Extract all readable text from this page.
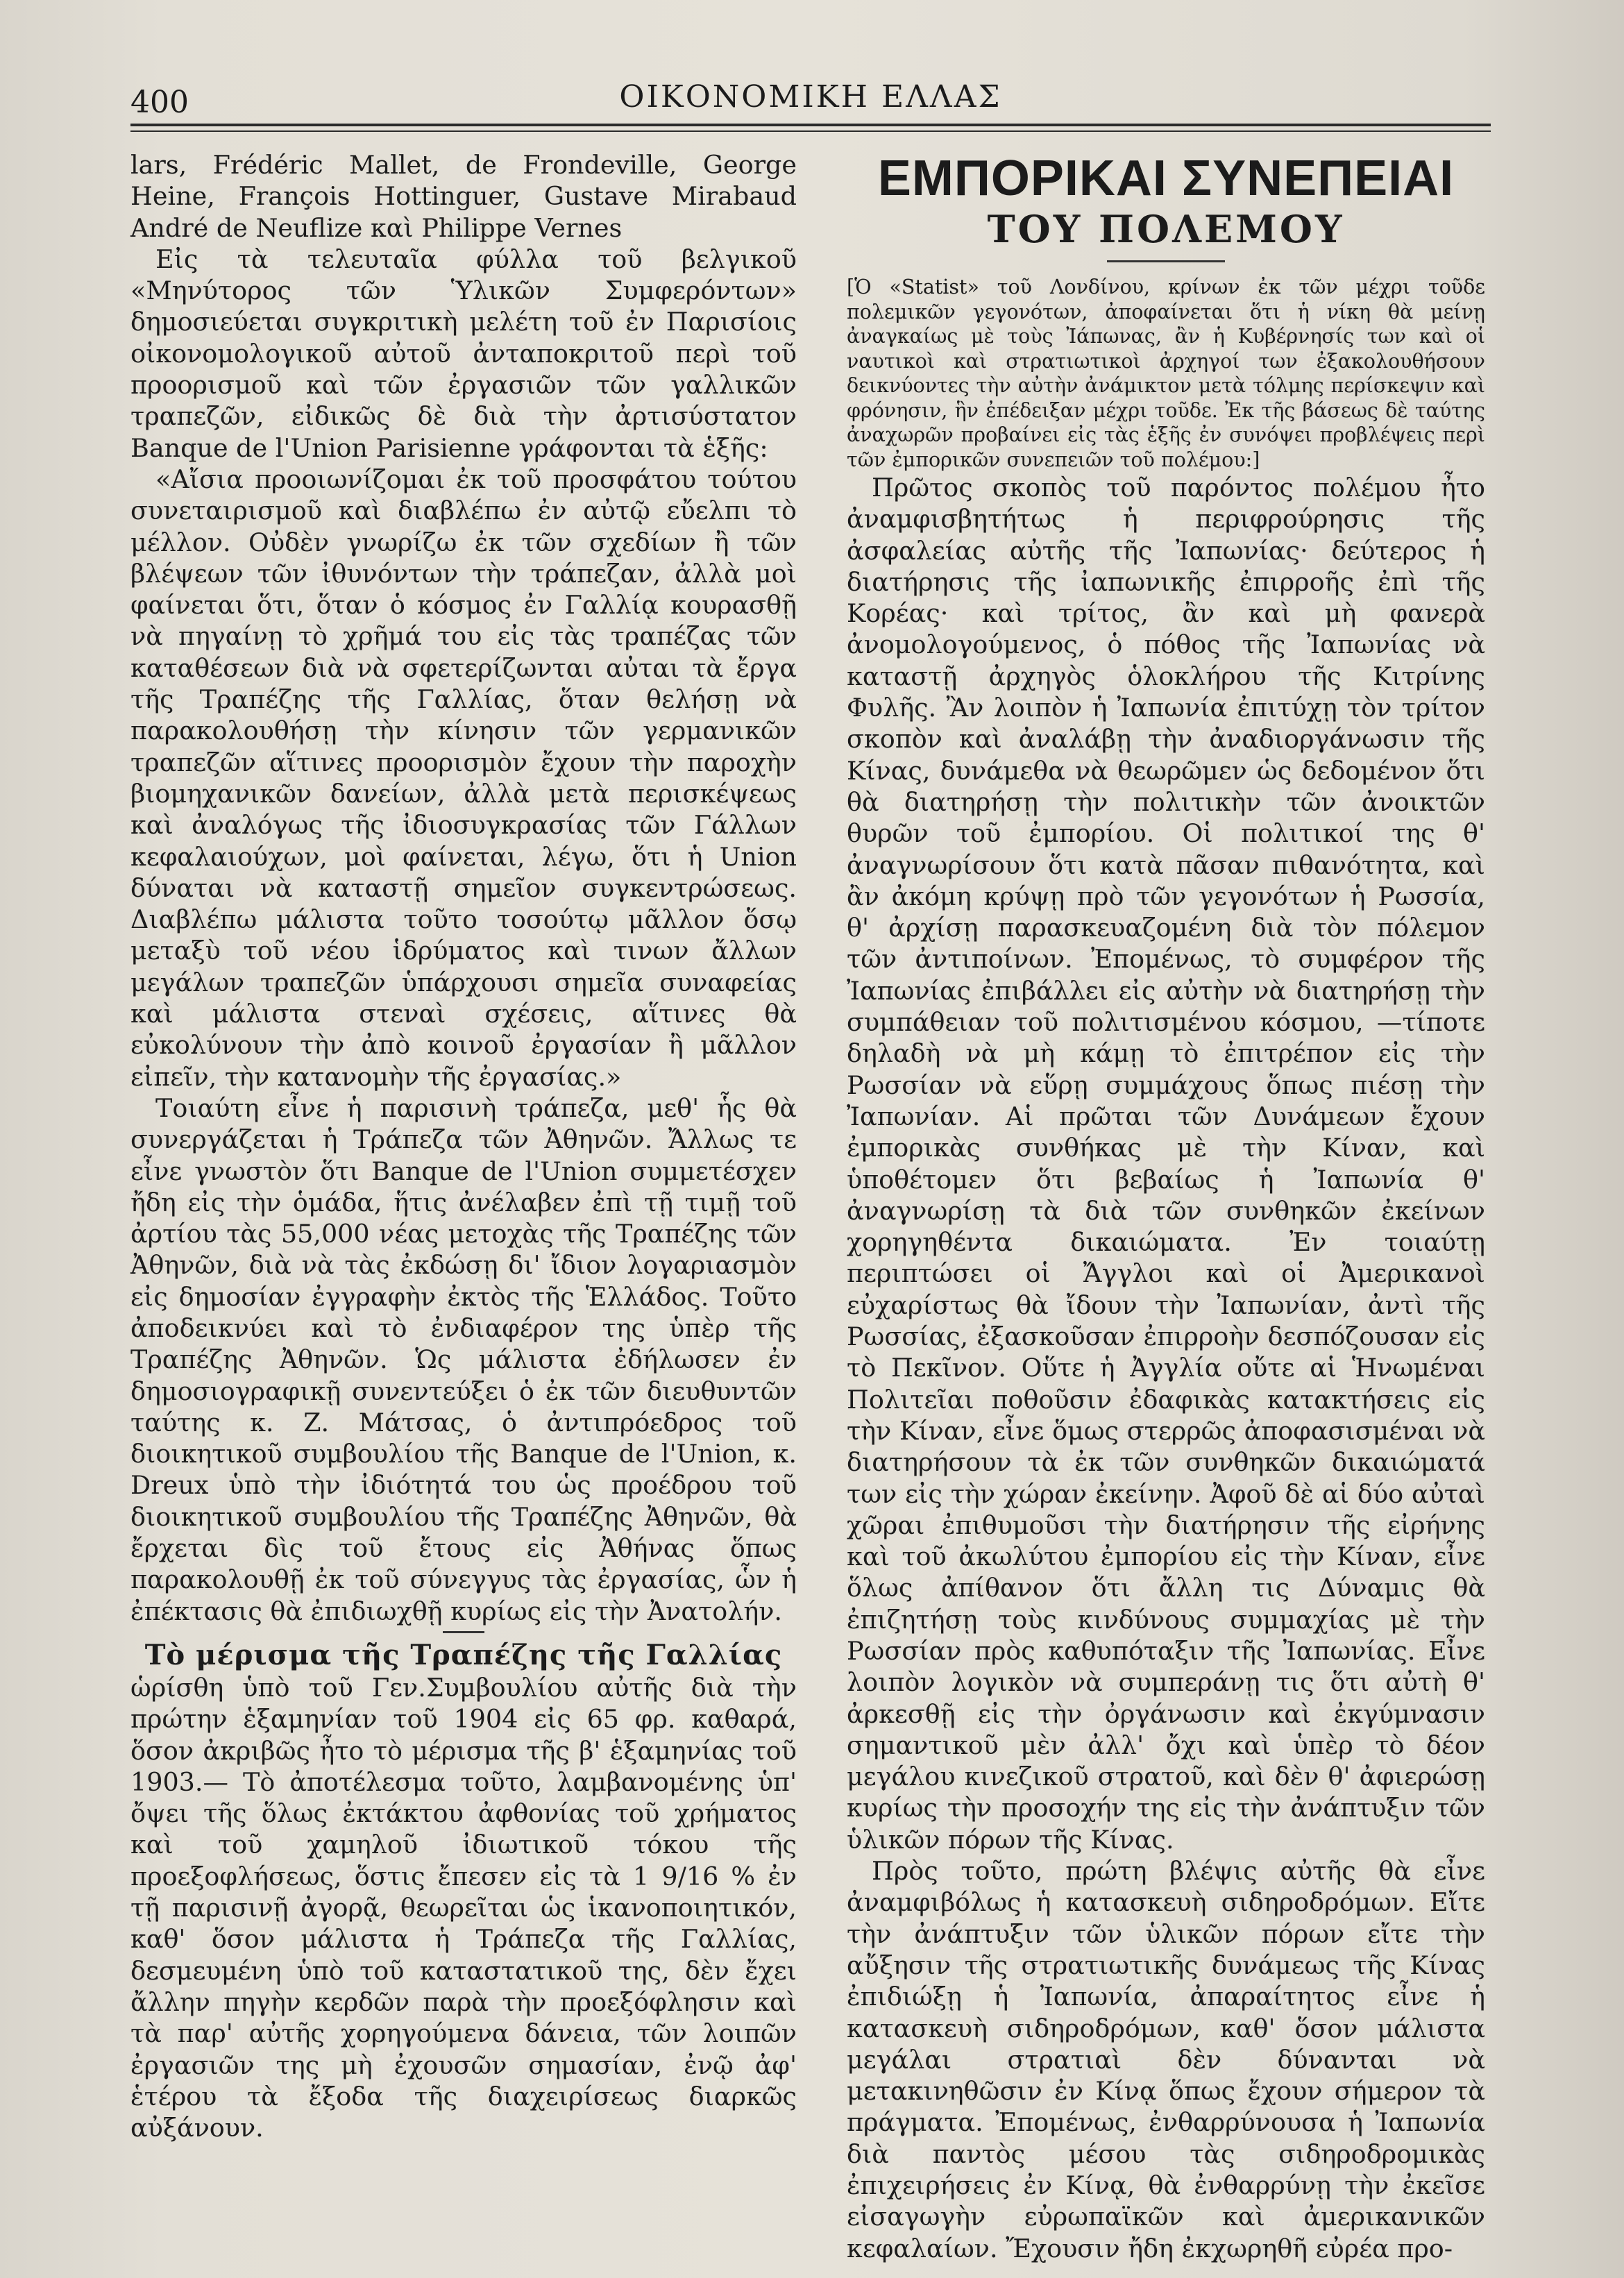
400	ΟΙΚΟΝΟΜΙΚΗ ΕΛΛΑΣ

lars, Frédéric Mallet, de Frondeville, George Heine, François Hottinguer, Gustave Mirabaud André de Neuflize καὶ Philippe Vernes

Εἰς τὰ τελευταῖα φύλλα τοῦ βελγικοῦ «Μηνύτορος τῶν Ὑλικῶν Συμφερόντων» δημοσιεύεται συγκριτικὴ μελέτη τοῦ ἐν Παρισίοις οἰκονομολογικοῦ αὐτοῦ ἀνταποκριτοῦ περὶ τοῦ προορισμοῦ καὶ τῶν ἐργασιῶν τῶν γαλλικῶν τραπεζῶν, εἰδικῶς δὲ διὰ τὴν ἀρτισύστατον Banque de l'Union Parisienne γράφονται τὰ ἑξῆς:

«Αἴσια προοιωνίζομαι ἐκ τοῦ προσφάτου τούτου συνεταιρισμοῦ καὶ διαβλέπω ἐν αὐτῷ εὔελπι τὸ μέλλον. Οὐδὲν γνωρίζω ἐκ τῶν σχεδίων ἢ τῶν βλέψεων τῶν ἰθυνόντων τὴν τράπεζαν, ἀλλὰ μοὶ φαίνεται ὅτι, ὅταν ὁ κόσμος ἐν Γαλλίᾳ κουρασθῇ νὰ πηγαίνῃ τὸ χρῆμά του εἰς τὰς τραπέζας τῶν καταθέσεων διὰ νὰ σφετερίζωνται αὐται τὰ ἔργα τῆς Τραπέζης τῆς Γαλλίας, ὅταν θελήσῃ νὰ παρακολουθήσῃ τὴν κίνησιν τῶν γερμανικῶν τραπεζῶν αἵτινες προορισμὸν ἔχουν τὴν παροχὴν βιομηχανικῶν δανείων, ἀλλὰ μετὰ περισκέψεως καὶ ἀναλόγως τῆς ἰδιοσυγκρασίας τῶν Γάλλων κεφαλαιούχων, μοὶ φαίνεται, λέγω, ὅτι ἡ Union δύναται νὰ καταστῇ σημεῖον συγκεντρώσεως. Διαβλέπω μάλιστα τοῦτο τοσούτῳ μᾶλλον ὅσῳ μεταξὺ τοῦ νέου ἱδρύματος καὶ τινων ἄλλων μεγάλων τραπεζῶν ὑπάρχουσι σημεῖα συναφείας καὶ μάλιστα στεναὶ σχέσεις, αἵτινες θὰ εὐκολύνουν τὴν ἀπὸ κοινοῦ ἐργασίαν ἢ μᾶλλον εἰπεῖν, τὴν κατανομὴν τῆς ἐργασίας.»

Τοιαύτη εἶνε ἡ παρισινὴ τράπεζα, μεθ' ἧς θὰ συνεργάζεται ἡ Τράπεζα τῶν Ἀθηνῶν. Ἄλλως τε εἶνε γνωστὸν ὅτι Banque de l'Union συμμετέσχεν ἤδη εἰς τὴν ὁμάδα, ἥτις ἀνέλαβεν ἐπὶ τῇ τιμῇ τοῦ ἀρτίου τὰς 55,000 νέας μετοχὰς τῆς Τραπέζης τῶν Ἀθηνῶν, διὰ νὰ τὰς ἐκδώσῃ δι' ἴδιον λογαριασμὸν εἰς δημοσίαν ἐγγραφὴν ἐκτὸς τῆς Ἑλλάδος. Τοῦτο ἀποδεικνύει καὶ τὸ ἐνδιαφέρον της ὑπὲρ τῆς Τραπέζης Ἀθηνῶν. Ὡς μάλιστα ἐδήλωσεν ἐν δημοσιογραφικῇ συνεντεύξει ὁ ἐκ τῶν διευθυντῶν ταύτης κ. Ζ. Μάτσας, ὁ ἀντιπρόεδρος τοῦ διοικητικοῦ συμβουλίου τῆς Banque de l'Union, κ. Dreux ὑπὸ τὴν ἰδιότητά του ὡς προέδρου τοῦ διοικητικοῦ συμβουλίου τῆς Τραπέζης Ἀθηνῶν, θὰ ἔρχεται δὶς τοῦ ἔτους εἰς Ἀθήνας ὅπως παρακολουθῇ ἐκ τοῦ σύνεγγυς τὰς ἐργασίας, ὧν ἡ ἐπέκτασις θὰ ἐπιδιωχθῇ κυρίως εἰς τὴν Ἀνατολήν.

Τὸ μέρισμα τῆς Τραπέζης τῆς Γαλλίας

ὡρίσθη ὑπὸ τοῦ Γεν.Συμβουλίου αὐτῆς διὰ τὴν πρώτην ἑξαμηνίαν τοῦ 1904 εἰς 65 φρ. καθαρά, ὅσον ἀκριβῶς ἦτο τὸ μέρισμα τῆς β' ἑξαμηνίας τοῦ 1903.— Τὸ ἀποτέλεσμα τοῦτο, λαμβανομένης ὑπ' ὄψει τῆς ὅλως ἐκτάκτου ἀφθονίας τοῦ χρήματος καὶ τοῦ χαμηλοῦ ἰδιωτικοῦ τόκου τῆς προεξοφλήσεως, ὅστις ἔπεσεν εἰς τὰ 1 9/16 % ἐν τῇ παρισινῇ ἀγορᾷ, θεωρεῖται ὡς ἱκανοποιητικόν, καθ' ὅσον μάλιστα ἡ Τράπεζα τῆς Γαλλίας, δεσμευμένη ὑπὸ τοῦ καταστατικοῦ της, δὲν ἔχει ἄλλην πηγὴν κερδῶν παρὰ τὴν προεξόφλησιν καὶ τὰ παρ' αὐτῆς χορηγούμενα δάνεια, τῶν λοιπῶν ἐργασιῶν της μὴ ἐχουσῶν σημασίαν, ἐνῷ ἀφ' ἑτέρου τὰ ἔξοδα τῆς διαχειρίσεως διαρκῶς αὐξάνουν.

ΕΜΠΟΡΙΚΑΙ ΣΥΝΕΠΕΙΑΙ
ΤΟΥ ΠΟΛΕΜΟΥ

[Ὁ «Statist» τοῦ Λονδίνου, κρίνων ἐκ τῶν μέχρι τοῦδε πολεμικῶν γεγονότων, ἀποφαίνεται ὅτι ἡ νίκη θὰ μείνῃ ἀναγκαίως μὲ τοὺς Ἰάπωνας, ἂν ἡ Κυβέρνησίς των καὶ οἱ ναυτικοὶ καὶ στρατιωτικοὶ ἀρχηγοί των ἐξακολουθήσουν δεικνύοντες τὴν αὐτὴν ἀνάμικτον μετὰ τόλμης περίσκεψιν καὶ φρόνησιν, ἣν ἐπέδειξαν μέχρι τοῦδε. Ἐκ τῆς βάσεως δὲ ταύτης ἀναχωρῶν προβαίνει εἰς τὰς ἑξῆς ἐν συνόψει προβλέψεις περὶ τῶν ἐμπορικῶν συνεπειῶν τοῦ πολέμου:]

Πρῶτος σκοπὸς τοῦ παρόντος πολέμου ἦτο ἀναμφισβητήτως ἡ περιφρούρησις τῆς ἀσφαλείας αὐτῆς τῆς Ἰαπωνίας· δεύτερος ἡ διατήρησις τῆς ἰαπωνικῆς ἐπιρροῆς ἐπὶ τῆς Κορέας· καὶ τρίτος, ἂν καὶ μὴ φανερὰ ἀνομολογούμενος, ὁ πόθος τῆς Ἰαπωνίας νὰ καταστῇ ἀρχηγὸς ὁλοκλήρου τῆς Κιτρίνης Φυλῆς. Ἂν λοιπὸν ἡ Ἰαπωνία ἐπιτύχῃ τὸν τρίτον σκοπὸν καὶ ἀναλάβῃ τὴν ἀναδιοργάνωσιν τῆς Κίνας, δυνάμεθα νὰ θεωρῶμεν ὡς δεδομένον ὅτι θὰ διατηρήσῃ τὴν πολιτικὴν τῶν ἀνοικτῶν θυρῶν τοῦ ἐμπορίου. Οἱ πολιτικοί της θ' ἀναγνωρίσουν ὅτι κατὰ πᾶσαν πιθανότητα, καὶ ἂν ἀκόμη κρύψῃ πρὸ τῶν γεγονότων ἡ Ρωσσία, θ' ἀρχίσῃ παρασκευαζομένη διὰ τὸν πόλεμον τῶν ἀντιποίνων. Ἐπομένως, τὸ συμφέρον τῆς Ἰαπωνίας ἐπιβάλλει εἰς αὐτὴν νὰ διατηρήσῃ τὴν συμπάθειαν τοῦ πολιτισμένου κόσμου, —τίποτε δηλαδὴ νὰ μὴ κάμῃ τὸ ἐπιτρέπον εἰς τὴν Ρωσσίαν νὰ εὕρῃ συμμάχους ὅπως πιέσῃ τὴν Ἰαπωνίαν. Αἱ πρῶται τῶν Δυνάμεων ἔχουν ἐμπορικὰς συνθήκας μὲ τὴν Κίναν, καὶ ὑποθέτομεν ὅτι βεβαίως ἡ Ἰαπωνία θ' ἀναγνωρίσῃ τὰ διὰ τῶν συνθηκῶν ἐκείνων χορηγηθέντα δικαιώματα. Ἐν τοιαύτῃ περιπτώσει οἱ Ἄγγλοι καὶ οἱ Ἀμερικανοὶ εὐχαρίστως θὰ ἴδουν τὴν Ἰαπωνίαν, ἀντὶ τῆς Ρωσσίας, ἐξασκοῦσαν ἐπιρροὴν δεσπόζουσαν εἰς τὸ Πεκῖνον. Οὕτε ἡ Ἀγγλία οὔτε αἱ Ἡνωμέναι Πολιτεῖαι ποθοῦσιν ἐδαφικὰς κατακτήσεις εἰς τὴν Κίναν, εἶνε ὅμως στερρῶς ἀποφασισμέναι νὰ διατηρήσουν τὰ ἐκ τῶν συνθηκῶν δικαιώματά των εἰς τὴν χώραν ἐκείνην. Ἀφοῦ δὲ αἱ δύο αὐταὶ χῶραι ἐπιθυμοῦσι τὴν διατήρησιν τῆς εἰρήνης καὶ τοῦ ἀκωλύτου ἐμπορίου εἰς τὴν Κίναν, εἶνε ὅλως ἀπίθανον ὅτι ἄλλη τις Δύναμις θὰ ἐπιζητήσῃ τοὺς κινδύνους συμμαχίας μὲ τὴν Ρωσσίαν πρὸς καθυπόταξιν τῆς Ἰαπωνίας. Εἶνε λοιπὸν λογικὸν νὰ συμπεράνῃ τις ὅτι αὐτὴ θ' ἀρκεσθῇ εἰς τὴν ὀργάνωσιν καὶ ἐκγύμνασιν σημαντικοῦ μὲν ἀλλ' ὄχι καὶ ὑπὲρ τὸ δέον μεγάλου κινεζικοῦ στρατοῦ, καὶ δὲν θ' ἀφιερώσῃ κυρίως τὴν προσοχήν της εἰς τὴν ἀνάπτυξιν τῶν ὑλικῶν πόρων τῆς Κίνας.

Πρὸς τοῦτο, πρώτη βλέψις αὐτῆς θὰ εἶνε ἀναμφιβόλως ἡ κατασκευὴ σιδηροδρόμων. Εἴτε τὴν ἀνάπτυξιν τῶν ὑλικῶν πόρων εἴτε τὴν αὔξησιν τῆς στρατιωτικῆς δυνάμεως τῆς Κίνας ἐπιδιώξῃ ἡ Ἰαπωνία, ἀπαραίτητος εἶνε ἡ κατασκευὴ σιδηροδρόμων, καθ' ὅσον μάλιστα μεγάλαι στρατιαὶ δὲν δύνανται νὰ μετακινηθῶσιν ἐν Κίνᾳ ὅπως ἔχουν σήμερον τὰ πράγματα. Ἐπομένως, ἐνθαρρύνουσα ἡ Ἰαπωνία διὰ παντὸς μέσου τὰς σιδηροδρομικὰς ἐπιχειρήσεις ἐν Κίνᾳ, θὰ ἐνθαρρύνῃ τὴν ἐκεῖσε εἰσαγωγὴν εὐρωπαϊκῶν καὶ ἀμερικανικῶν κεφαλαίων. Ἔχουσιν ἤδη ἐκχωρηθῆ εὐρέα προ-
